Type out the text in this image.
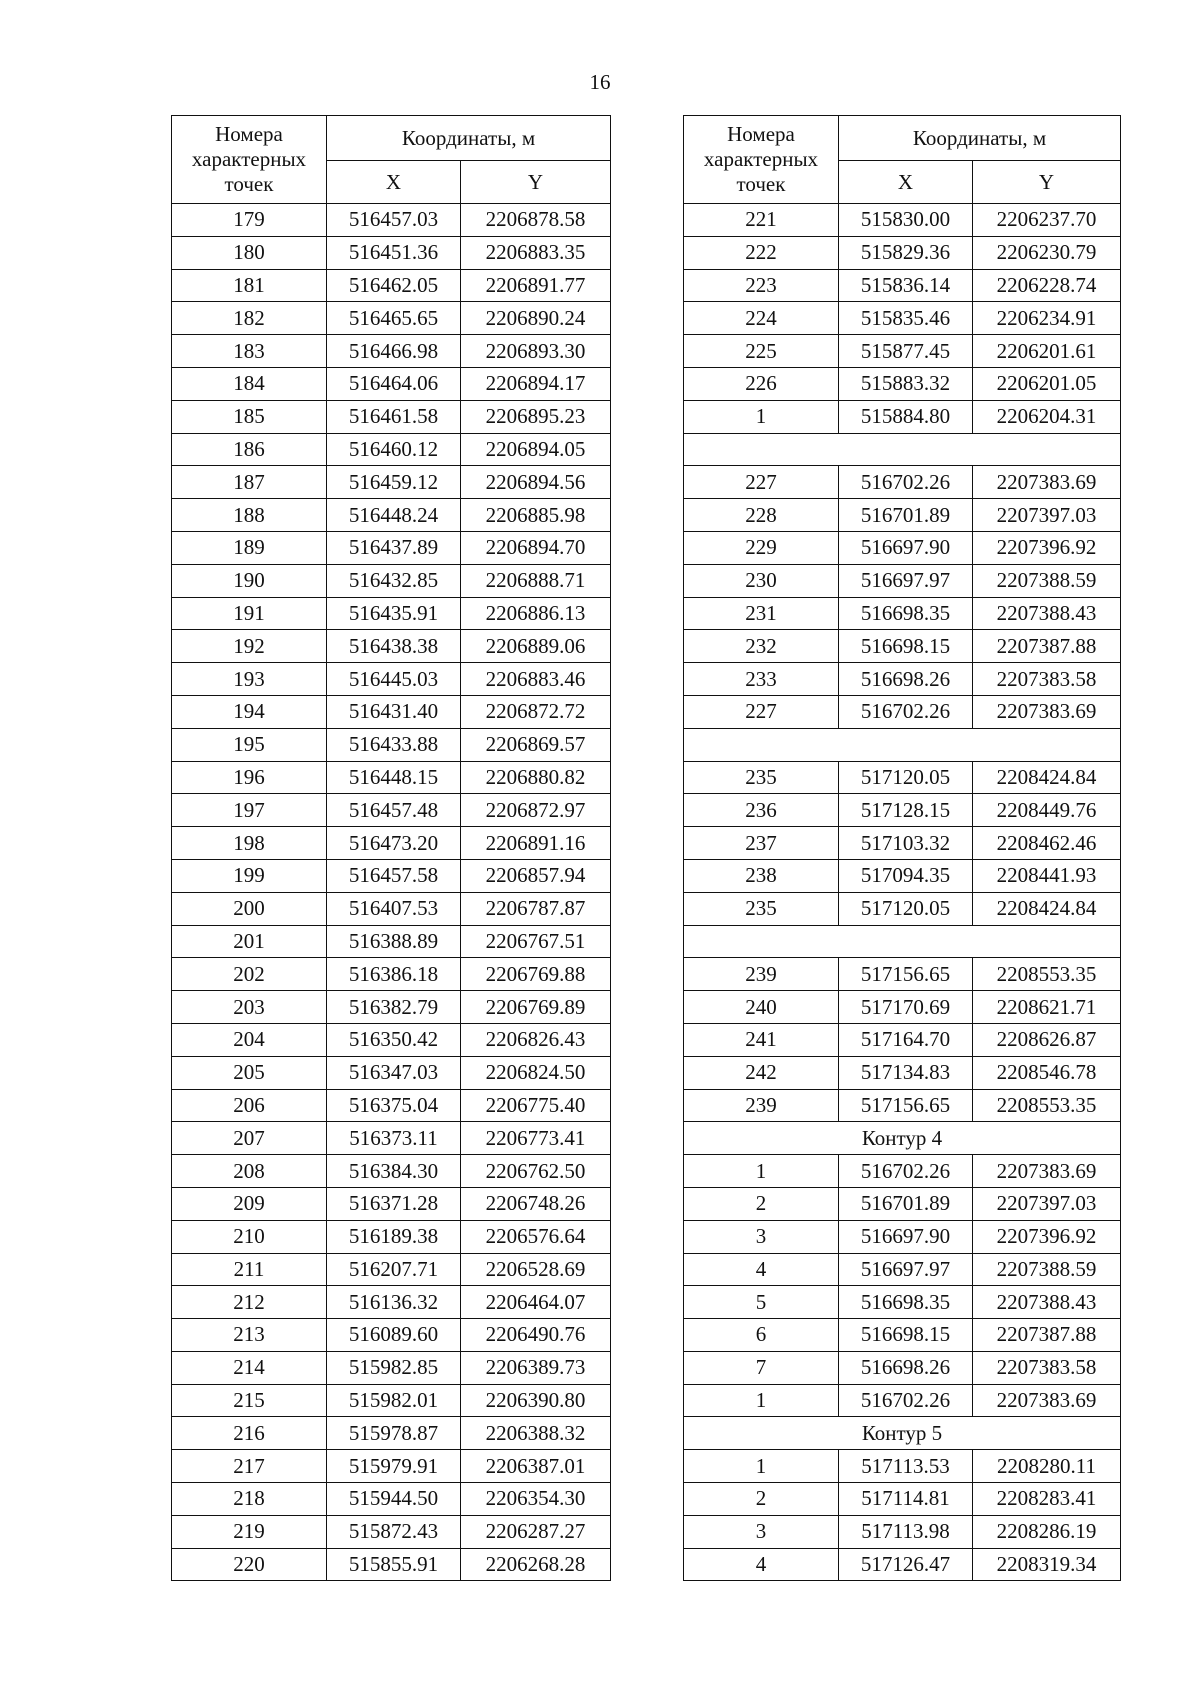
16
Номера характерных точек	Координаты, м	
	X	Y
179	516457.03	2206878.58
180	516451.36	2206883.35
181	516462.05	2206891.77
182	516465.65	2206890.24
183	516466.98	2206893.30
184	516464.06	2206894.17
185	516461.58	2206895.23
186	516460.12	2206894.05
187	516459.12	2206894.56
188	516448.24	2206885.98
189	516437.89	2206894.70
190	516432.85	2206888.71
191	516435.91	2206886.13
192	516438.38	2206889.06
193	516445.03	2206883.46
194	516431.40	2206872.72
195	516433.88	2206869.57
196	516448.15	2206880.82
197	516457.48	2206872.97
198	516473.20	2206891.16
199	516457.58	2206857.94
200	516407.53	2206787.87
201	516388.89	2206767.51
202	516386.18	2206769.88
203	516382.79	2206769.89
204	516350.42	2206826.43
205	516347.03	2206824.50
206	516375.04	2206775.40
207	516373.11	2206773.41
208	516384.30	2206762.50
209	516371.28	2206748.26
210	516189.38	2206576.64
211	516207.71	2206528.69
212	516136.32	2206464.07
213	516089.60	2206490.76
214	515982.85	2206389.73
215	515982.01	2206390.80
216	515978.87	2206388.32
217	515979.91	2206387.01
218	515944.50	2206354.30
219	515872.43	2206287.27
220	515855.91	2206268.28
Номера характерных точек	Координаты, м	
	X	Y
221	515830.00	2206237.70
222	515829.36	2206230.79
223	515836.14	2206228.74
224	515835.46	2206234.91
225	515877.45	2206201.61
226	515883.32	2206201.05
1	515884.80	2206204.31

227	516702.26	2207383.69
228	516701.89	2207397.03
229	516697.90	2207396.92
230	516697.97	2207388.59
231	516698.35	2207388.43
232	516698.15	2207387.88
233	516698.26	2207383.58
227	516702.26	2207383.69

235	517120.05	2208424.84
236	517128.15	2208449.76
237	517103.32	2208462.46
238	517094.35	2208441.93
235	517120.05	2208424.84

239	517156.65	2208553.35
240	517170.69	2208621.71
241	517164.70	2208626.87
242	517134.83	2208546.78
239	517156.65	2208553.35
Контур 4		
1	516702.26	2207383.69
2	516701.89	2207397.03
3	516697.90	2207396.92
4	516697.97	2207388.59
5	516698.35	2207388.43
6	516698.15	2207387.88
7	516698.26	2207383.58
1	516702.26	2207383.69
Контур 5		
1	517113.53	2208280.11
2	517114.81	2208283.41
3	517113.98	2208286.19
4	517126.47	2208319.34
